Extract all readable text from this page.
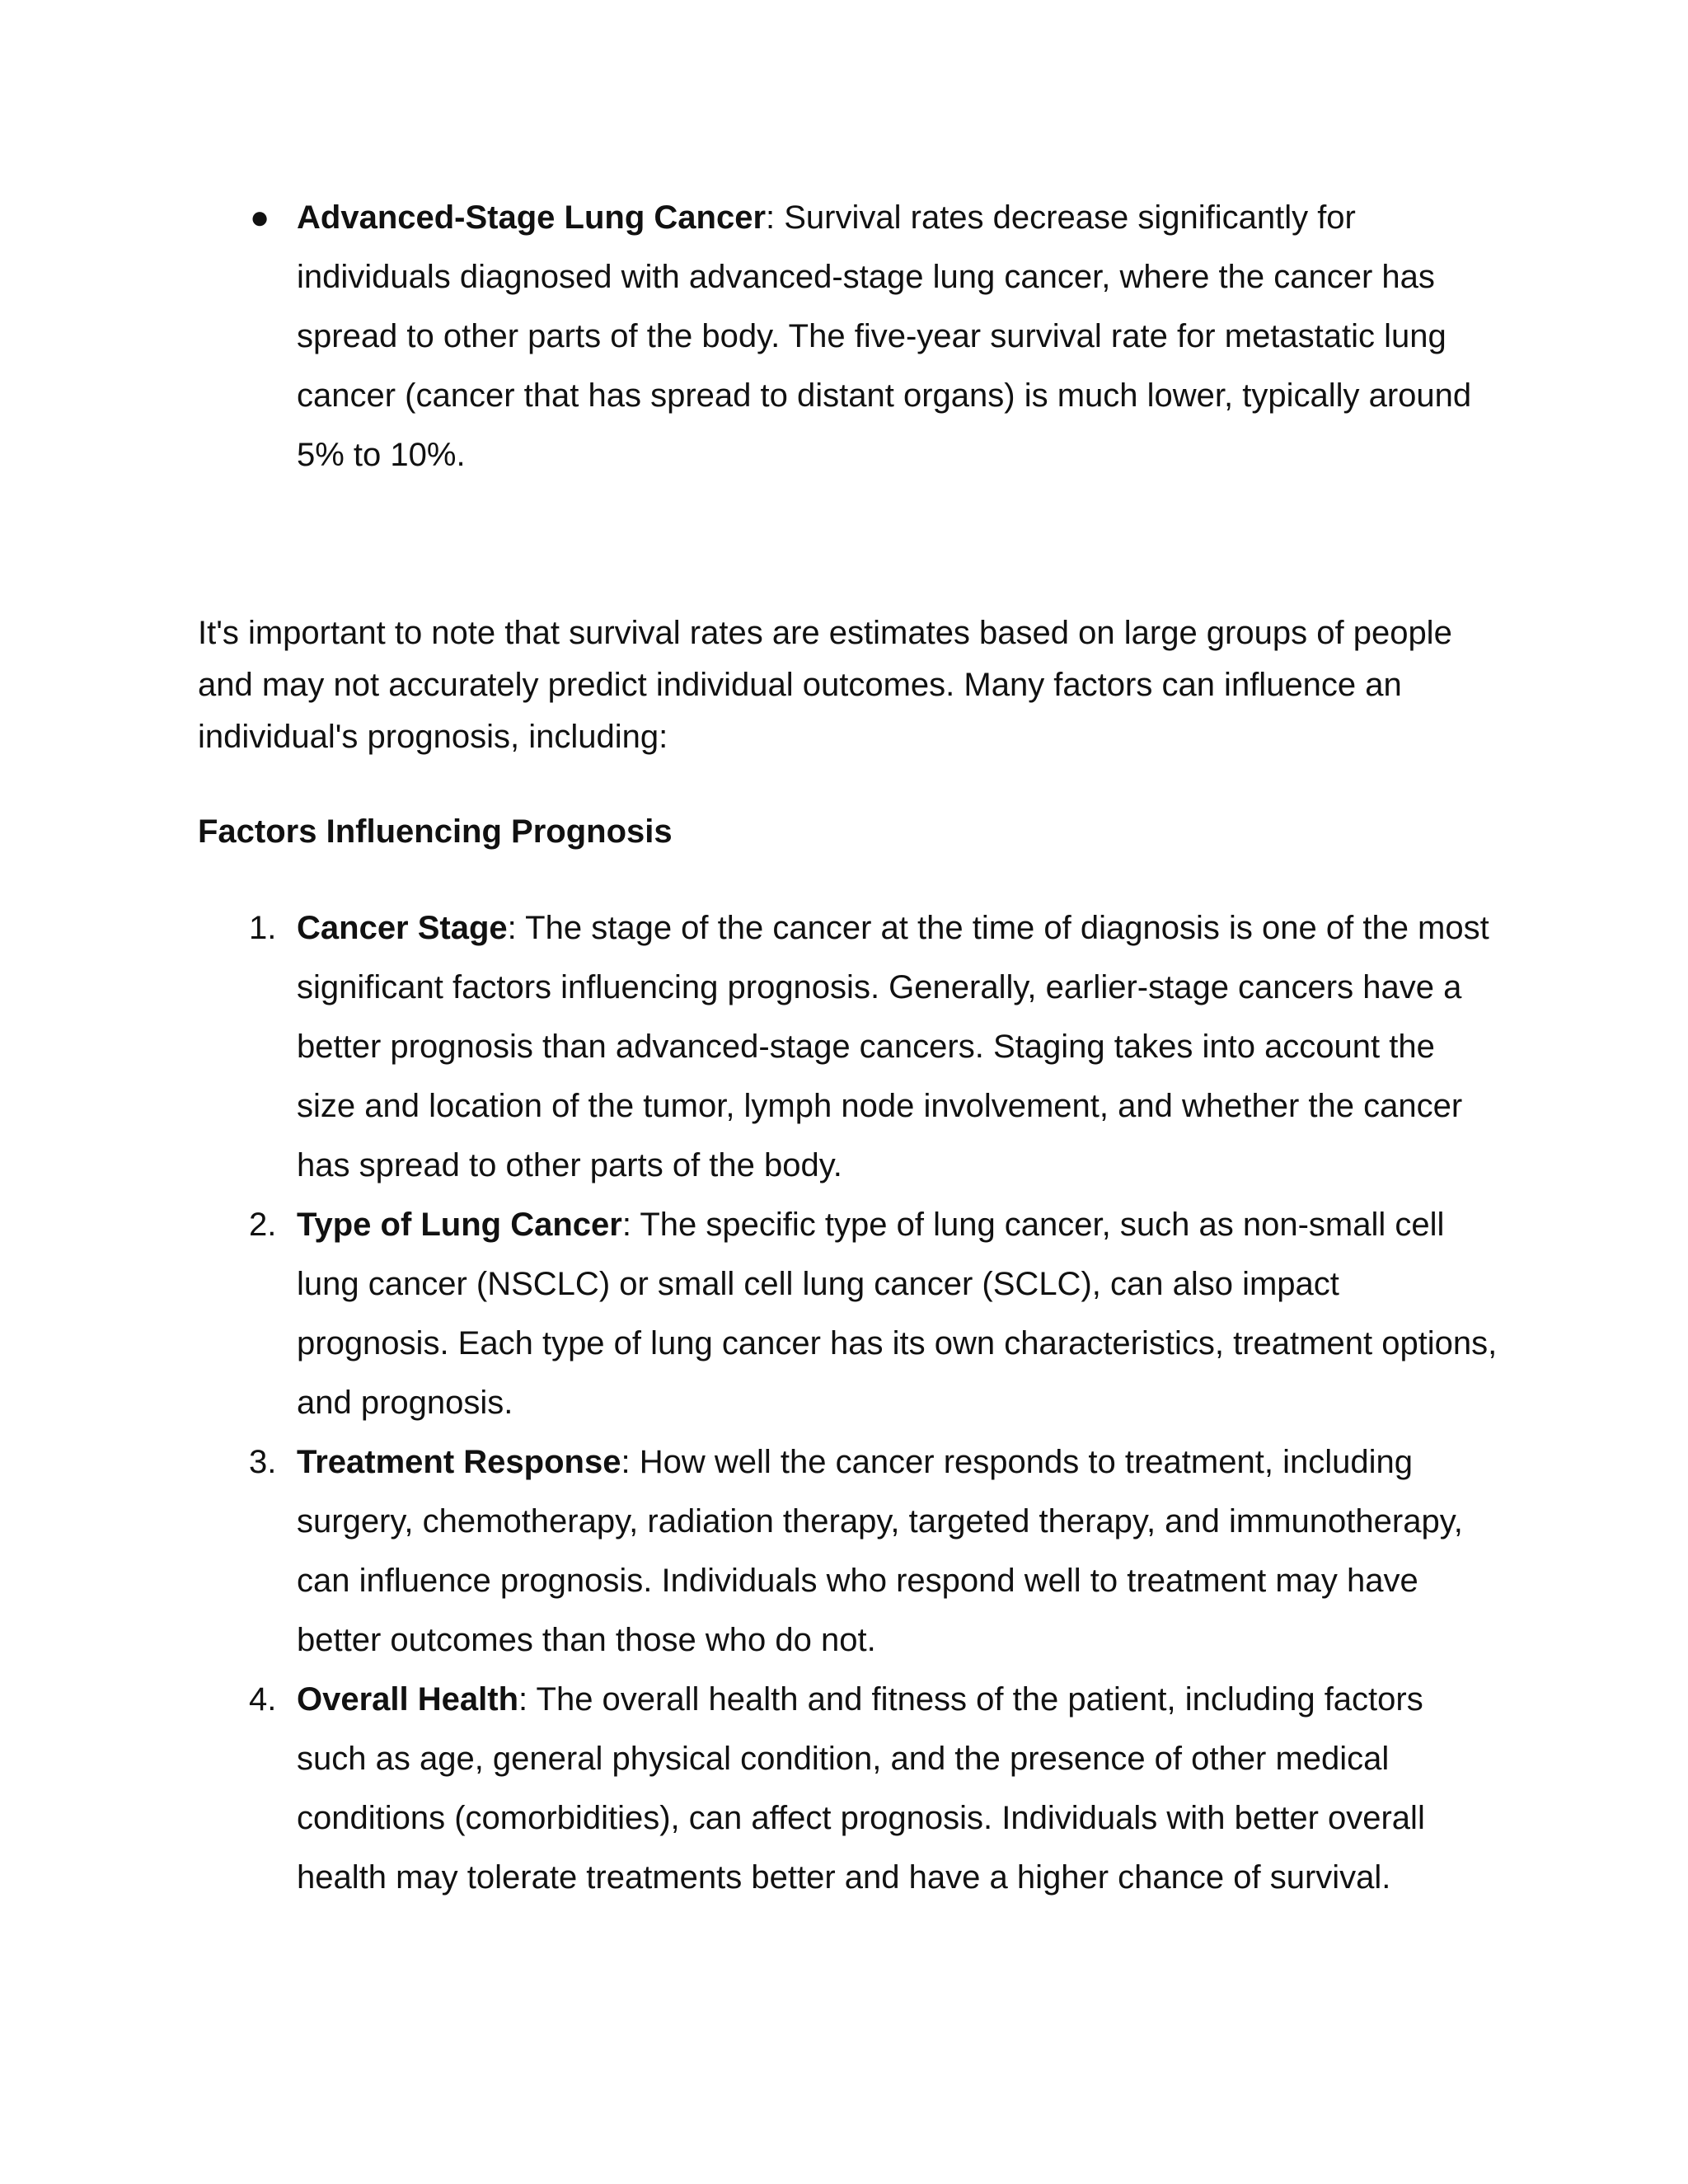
● Advanced-Stage Lung Cancer: Survival rates decrease significantly for individuals diagnosed with advanced-stage lung cancer, where the cancer has spread to other parts of the body. The five-year survival rate for metastatic lung cancer (cancer that has spread to distant organs) is much lower, typically around 5% to 10%.

It's important to note that survival rates are estimates based on large groups of people and may not accurately predict individual outcomes. Many factors can influence an individual's prognosis, including:

Factors Influencing Prognosis
1. Cancer Stage: The stage of the cancer at the time of diagnosis is one of the most significant factors influencing prognosis. Generally, earlier-stage cancers have a better prognosis than advanced-stage cancers. Staging takes into account the size and location of the tumor, lymph node involvement, and whether the cancer has spread to other parts of the body.
2. Type of Lung Cancer: The specific type of lung cancer, such as non-small cell lung cancer (NSCLC) or small cell lung cancer (SCLC), can also impact prognosis. Each type of lung cancer has its own characteristics, treatment options, and prognosis.
3. Treatment Response: How well the cancer responds to treatment, including surgery, chemotherapy, radiation therapy, targeted therapy, and immunotherapy, can influence prognosis. Individuals who respond well to treatment may have better outcomes than those who do not.
4. Overall Health: The overall health and fitness of the patient, including factors such as age, general physical condition, and the presence of other medical conditions (comorbidities), can affect prognosis. Individuals with better overall health may tolerate treatments better and have a higher chance of survival.
